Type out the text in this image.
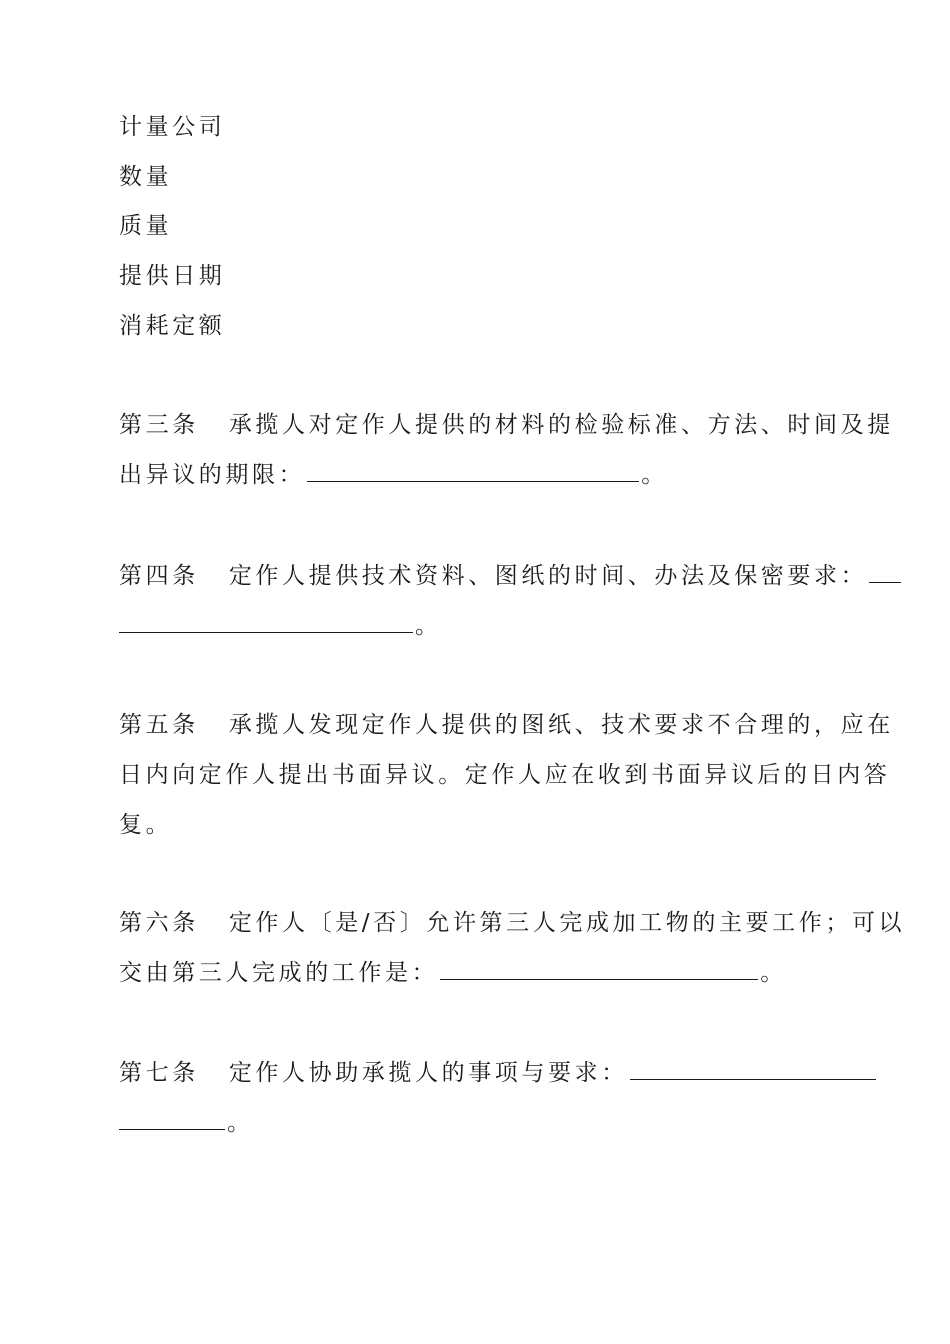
计量公司
数量
质量
提供日期
消耗定额
第三条 承揽人对定作人提供的材料的检验标准、方法、时间及提
出异议的期限：	。
第四条 定作人提供技术资料、图纸的时间、办法及保密要求：
。
第五条 承揽人发现定作人提供的图纸、技术要求不合理的，应在
日内向定作人提出书面异议。定作人应在收到书面异议后的日内答
复。
第六条 定作人〔是/否〕允许第三人完成加工物的主要工作；可以
交由第三人完成的工作是：	。
第七条 定作人协助承揽人的事项与要求：
。
